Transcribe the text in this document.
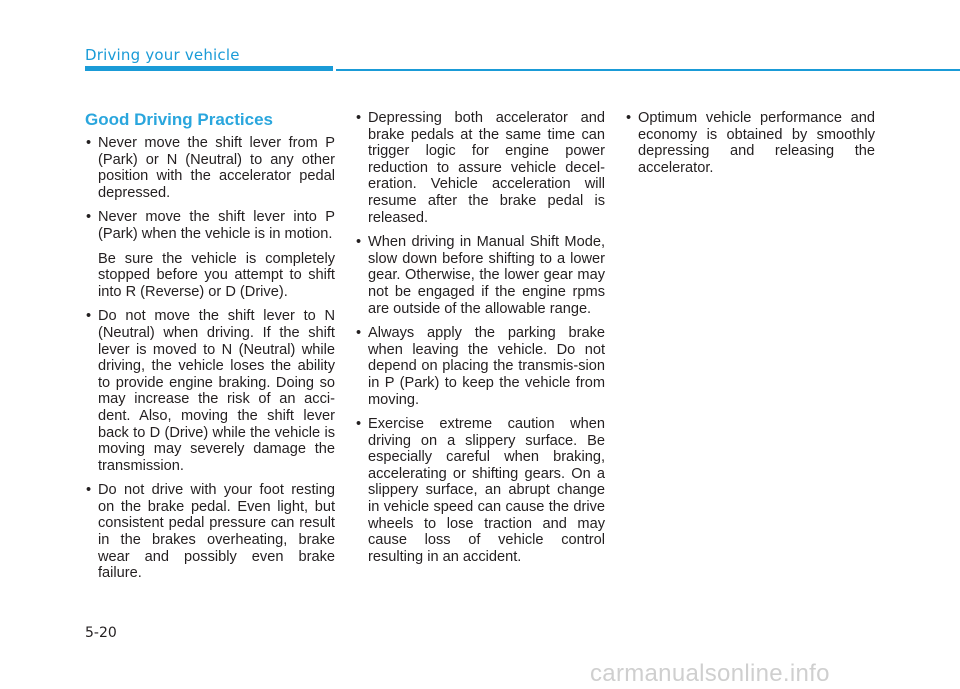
Driving your vehicle
Good Driving Practices

• Never move the shift lever from P (Park) or N (Neutral) to any other position with the accelerator pedal depressed.

• Never move the shift lever into P (Park) when the vehicle is in motion.

Be sure the vehicle is completely stopped before you attempt to shift into R (Reverse) or D (Drive).

• Do not move the shift lever to N (Neutral) when driving. If the shift lever is moved to N (Neutral) while driving, the vehicle loses the ability to provide engine braking. Doing so may increase the risk of an acci-dent. Also, moving the shift lever back to D (Drive) while the vehicle is moving may severely damage the transmission.

• Do not drive with your foot resting on the brake pedal. Even light, but consistent pedal pressure can result in the brakes overheating, brake wear and possibly even brake failure.

• Depressing both accelerator and brake pedals at the same time can trigger logic for engine power reduction to assure vehicle decel-eration. Vehicle acceleration will resume after the brake pedal is released.

• When driving in Manual Shift Mode, slow down before shifting to a lower gear. Otherwise, the lower gear may not be engaged if the engine rpms are outside of the allowable range.

• Always apply the parking brake when leaving the vehicle. Do not depend on placing the transmis-sion in P (Park) to keep the vehicle from moving.

• Exercise extreme caution when driving on a slippery surface. Be especially careful when braking, accelerating or shifting gears. On a slippery surface, an abrupt change in vehicle speed can cause the drive wheels to lose traction and may cause loss of vehicle control resulting in an accident.

• Optimum vehicle performance and economy is obtained by smoothly depressing and releasing the accelerator.

5-20
carmanualsonline.info
